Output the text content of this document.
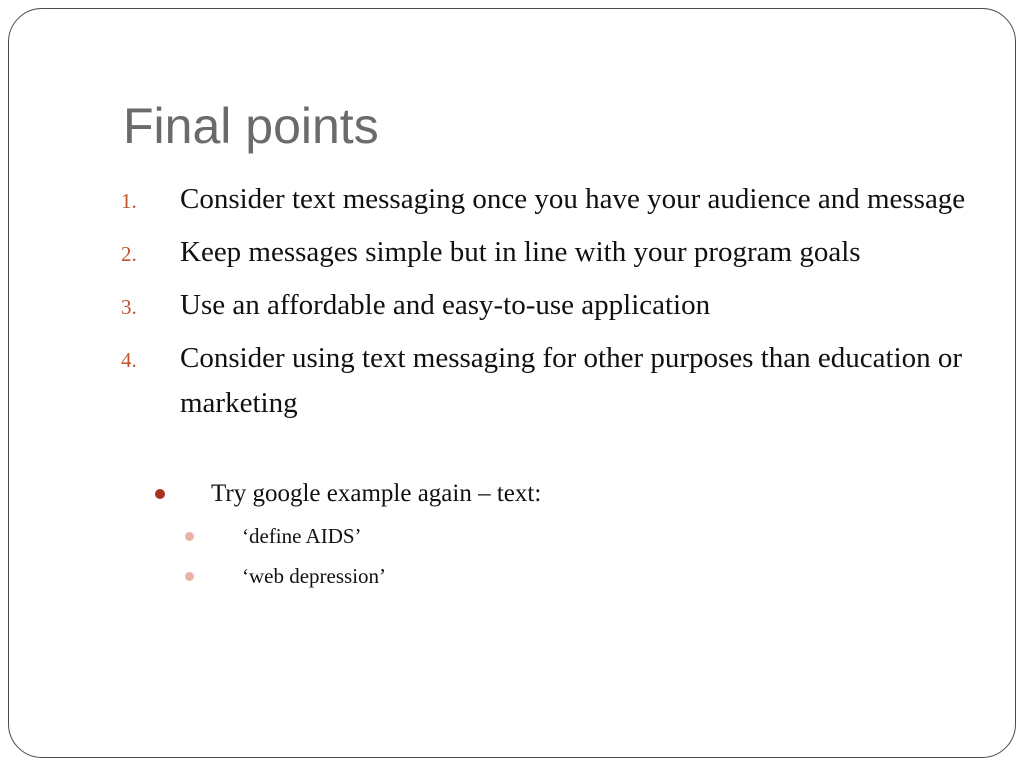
Final points
1. Consider text messaging once you have your audience and message
2. Keep messages simple but in line with your program goals
3. Use an affordable and easy-to-use application
4. Consider using text messaging for other purposes than education or marketing
Try google example again – text:
‘define AIDS’
‘web depression’
